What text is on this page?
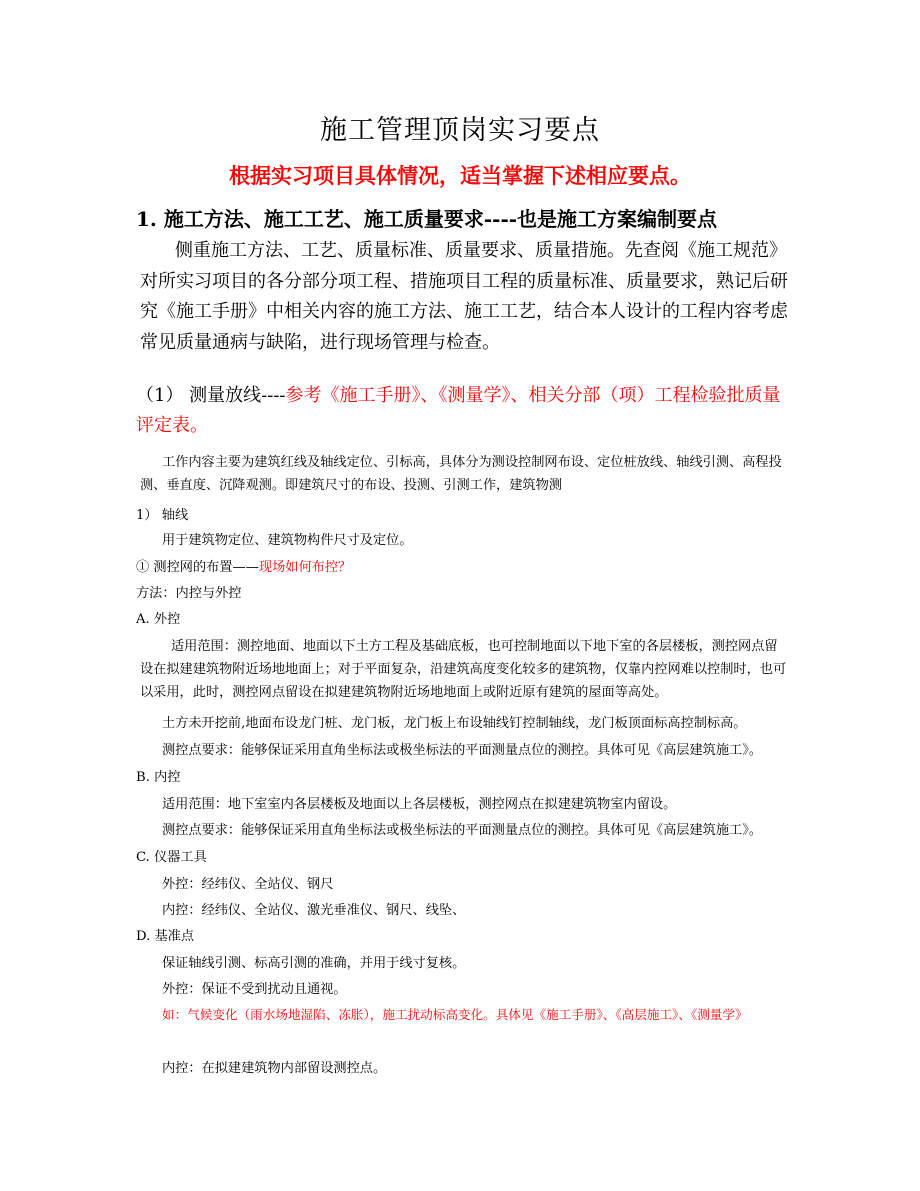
施工管理顶岗实习要点
根据实习项目具体情况，适当掌握下述相应要点。
1. 施工方法、施工工艺、施工质量要求----也是施工方案编制要点
侧重施工方法、工艺、质量标准、质量要求、质量措施。先查阅《施工规范》对所实习项目的各分部分项工程、措施项目工程的质量标准、质量要求，熟记后研究《施工手册》中相关内容的施工方法、施工工艺，结合本人设计的工程内容考虑常见质量通病与缺陷，进行现场管理与检查。
（1） 测量放线----参考《施工手册》、《测量学》、相关分部（项）工程检验批质量评定表。
工作内容主要为建筑红线及轴线定位、引标高，具体分为测设控制网布设、定位桩放线、轴线引测、高程投测、垂直度、沉降观测。即建筑尺寸的布设、投测、引测工作，建筑物测
1） 轴线
用于建筑物定位、建筑物构件尺寸及定位。
① 测控网的布置——现场如何布控？
方法：内控与外控
A. 外控
适用范围：测控地面、地面以下土方工程及基础底板，也可控制地面以下地下室的各层楼板，测控网点留设在拟建建筑物附近场地地面上；对于平面复杂，沿建筑高度变化较多的建筑物，仅靠内控网难以控制时，也可以采用，此时，测控网点留设在拟建建筑物附近场地地面上或附近原有建筑的屋面等高处。
土方未开挖前,地面布设龙门桩、龙门板，龙门板上布设轴线钉控制轴线，龙门板顶面标高控制标高。
测控点要求：能够保证采用直角坐标法或极坐标法的平面测量点位的测控。具体可见《高层建筑施工》。
B. 内控
适用范围：地下室室内各层楼板及地面以上各层楼板，测控网点在拟建建筑物室内留设。
测控点要求：能够保证采用直角坐标法或极坐标法的平面测量点位的测控。具体可见《高层建筑施工》。
C. 仪器工具
外控：经纬仪、全站仪、钢尺
内控：经纬仪、全站仪、激光垂准仪、钢尺、线坠、
D. 基准点
保证轴线引测、标高引测的准确，并用于线寸复核。
外控：保证不受到扰动且通视。
如：气候变化（雨水场地湿陷、冻胀），施工扰动标高变化。具体见《施工手册》、《高层施工》、《测量学》
内控：在拟建建筑物内部留设测控点。
